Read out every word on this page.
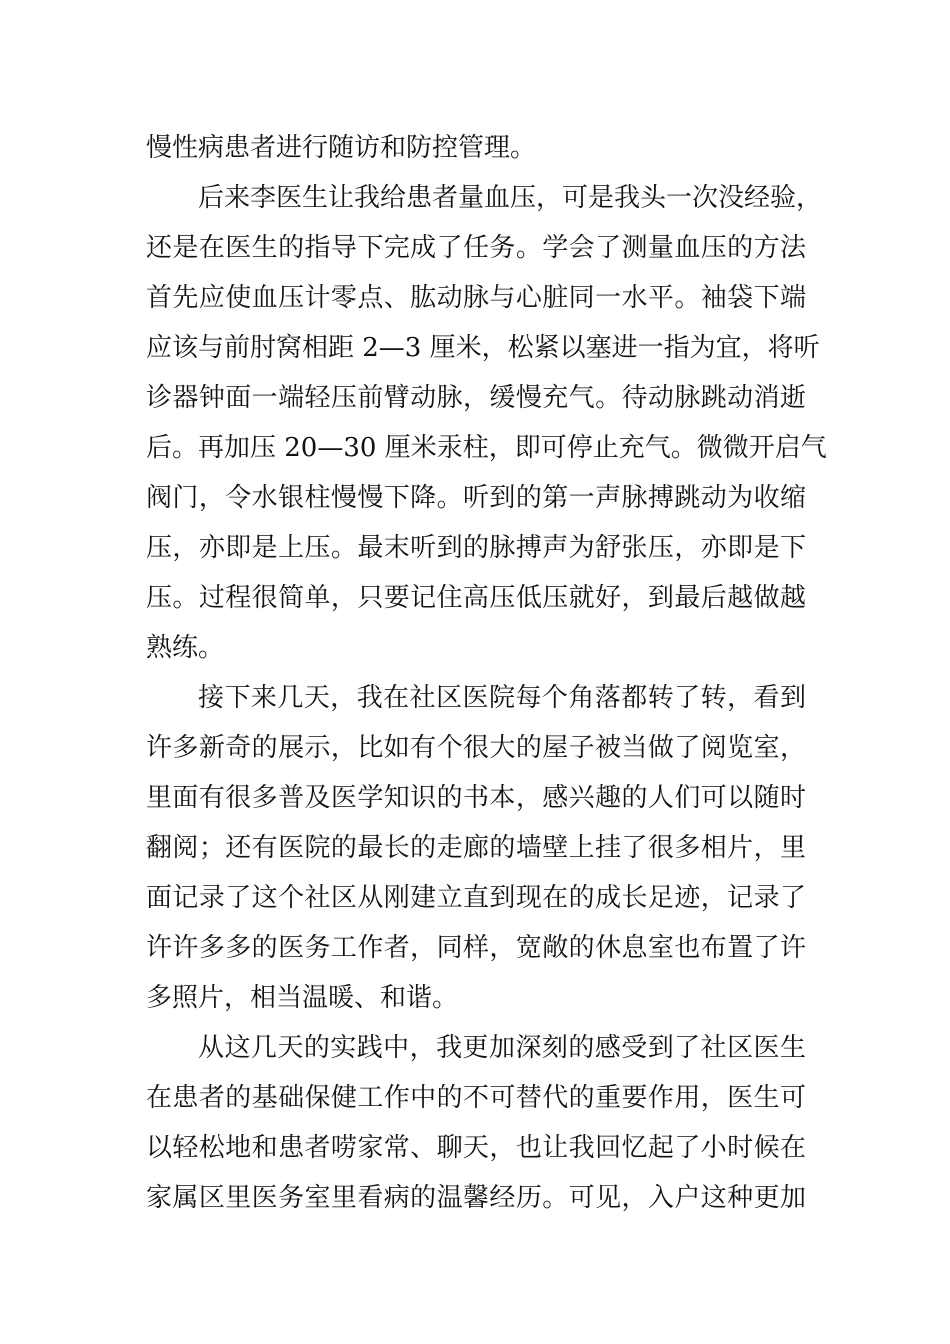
慢性病患者进行随访和防控管理。
后来李医生让我给患者量血压，可是我头一次没经验，
还是在医生的指导下完成了任务。学会了测量血压的方法
首先应使血压计零点、肱动脉与心脏同一水平。袖袋下端
应该与前肘窝相距 2—3 厘米，松紧以塞进一指为宜，将听
诊器钟面一端轻压前臂动脉，缓慢充气。待动脉跳动消逝
后。再加压 20—30 厘米汞柱，即可停止充气。微微开启气
阀门，令水银柱慢慢下降。听到的第一声脉搏跳动为收缩
压，亦即是上压。最末听到的脉搏声为舒张压，亦即是下
压。过程很简单，只要记住高压低压就好，到最后越做越
熟练。
接下来几天，我在社区医院每个角落都转了转，看到
许多新奇的展示，比如有个很大的屋子被当做了阅览室，
里面有很多普及医学知识的书本，感兴趣的人们可以随时
翻阅；还有医院的最长的走廊的墙壁上挂了很多相片，里
面记录了这个社区从刚建立直到现在的成长足迹，记录了
许许多多的医务工作者，同样，宽敞的休息室也布置了许
多照片，相当温暖、和谐。
从这几天的实践中，我更加深刻的感受到了社区医生
在患者的基础保健工作中的不可替代的重要作用，医生可
以轻松地和患者唠家常、聊天，也让我回忆起了小时候在
家属区里医务室里看病的温馨经历。可见，入户这种更加
